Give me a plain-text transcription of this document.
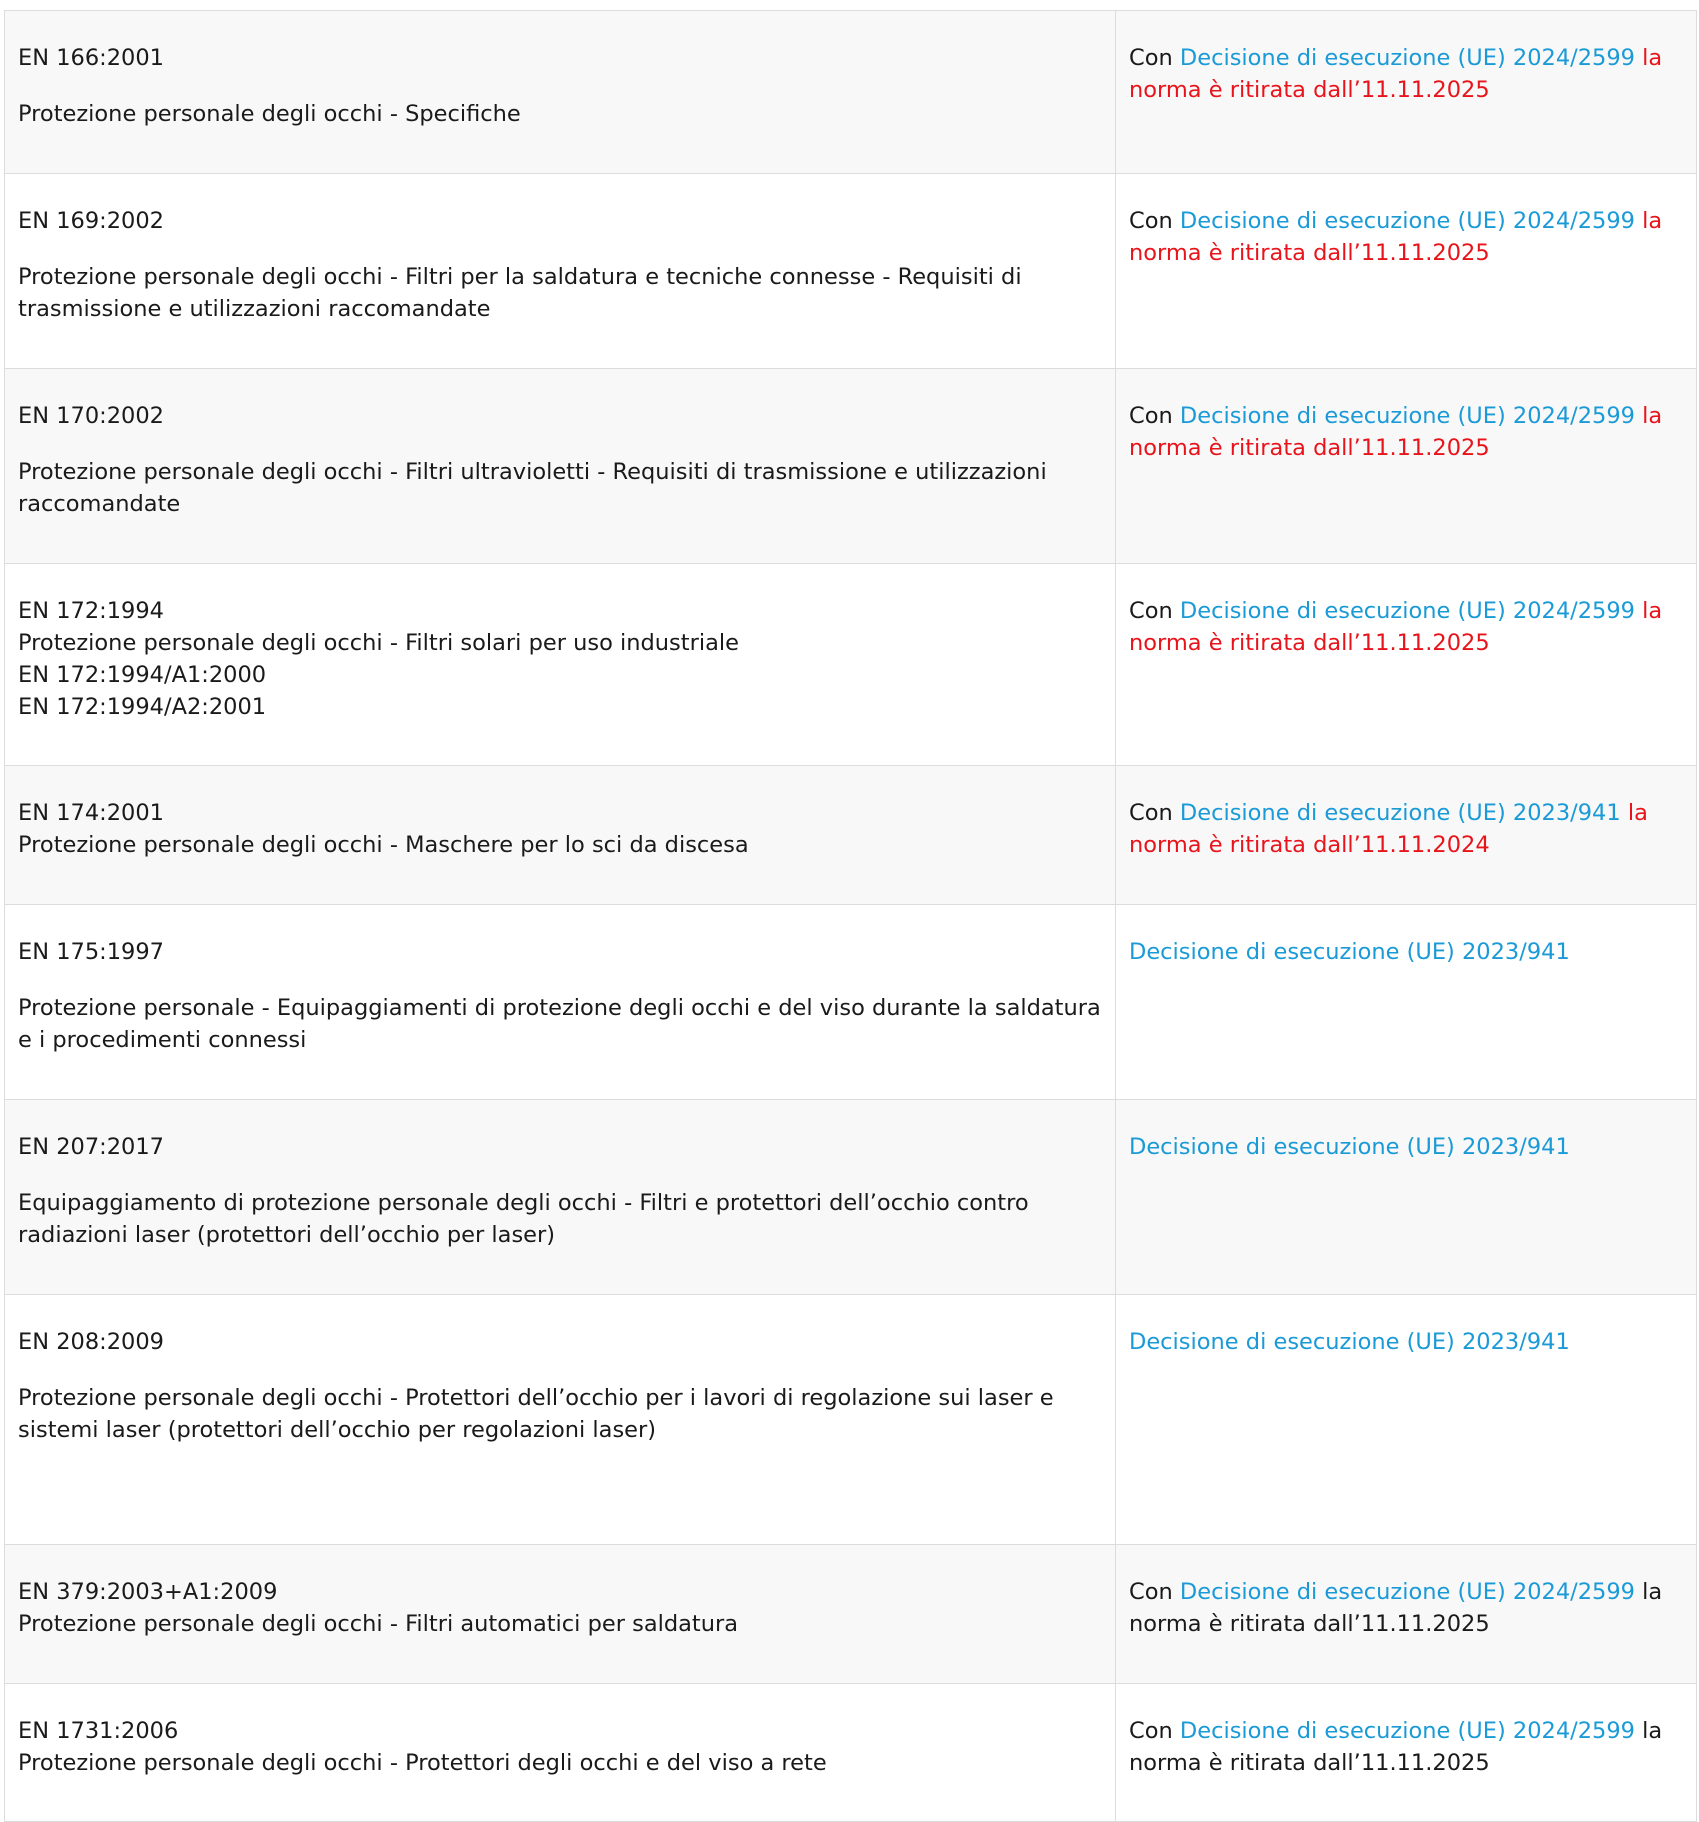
EN 166:2001
Protezione personale degli occhi - Specifiche	Con Decisione di esecuzione (UE) 2024/2599 la norma è ritirata dall’11.11.2025

EN 169:2002
Protezione personale degli occhi - Filtri per la saldatura e tecniche connesse - Requisiti di trasmissione e utilizzazioni raccomandate	Con Decisione di esecuzione (UE) 2024/2599 la norma è ritirata dall’11.11.2025

EN 170:2002
Protezione personale degli occhi - Filtri ultravioletti - Requisiti di trasmissione e utilizzazioni raccomandate	Con Decisione di esecuzione (UE) 2024/2599 la norma è ritirata dall’11.11.2025

EN 172:1994
Protezione personale degli occhi - Filtri solari per uso industriale
EN 172:1994/A1:2000
EN 172:1994/A2:2001	Con Decisione di esecuzione (UE) 2024/2599 la norma è ritirata dall’11.11.2025

EN 174:2001
Protezione personale degli occhi - Maschere per lo sci da discesa	Con Decisione di esecuzione (UE) 2023/941 la norma è ritirata dall’11.11.2024

EN 175:1997
Protezione personale - Equipaggiamenti di protezione degli occhi e del viso durante la saldatura e i procedimenti connessi	Decisione di esecuzione (UE) 2023/941

EN 207:2017
Equipaggiamento di protezione personale degli occhi - Filtri e protettori dell’occhio contro radiazioni laser (protettori dell’occhio per laser)	Decisione di esecuzione (UE) 2023/941

EN 208:2009
Protezione personale degli occhi - Protettori dell’occhio per i lavori di regolazione sui laser e sistemi laser (protettori dell’occhio per regolazioni laser)	Decisione di esecuzione (UE) 2023/941

EN 379:2003+A1:2009
Protezione personale degli occhi - Filtri automatici per saldatura	Con Decisione di esecuzione (UE) 2024/2599 la norma è ritirata dall’11.11.2025

EN 1731:2006
Protezione personale degli occhi - Protettori degli occhi e del viso a rete	Con Decisione di esecuzione (UE) 2024/2599 la norma è ritirata dall’11.11.2025
